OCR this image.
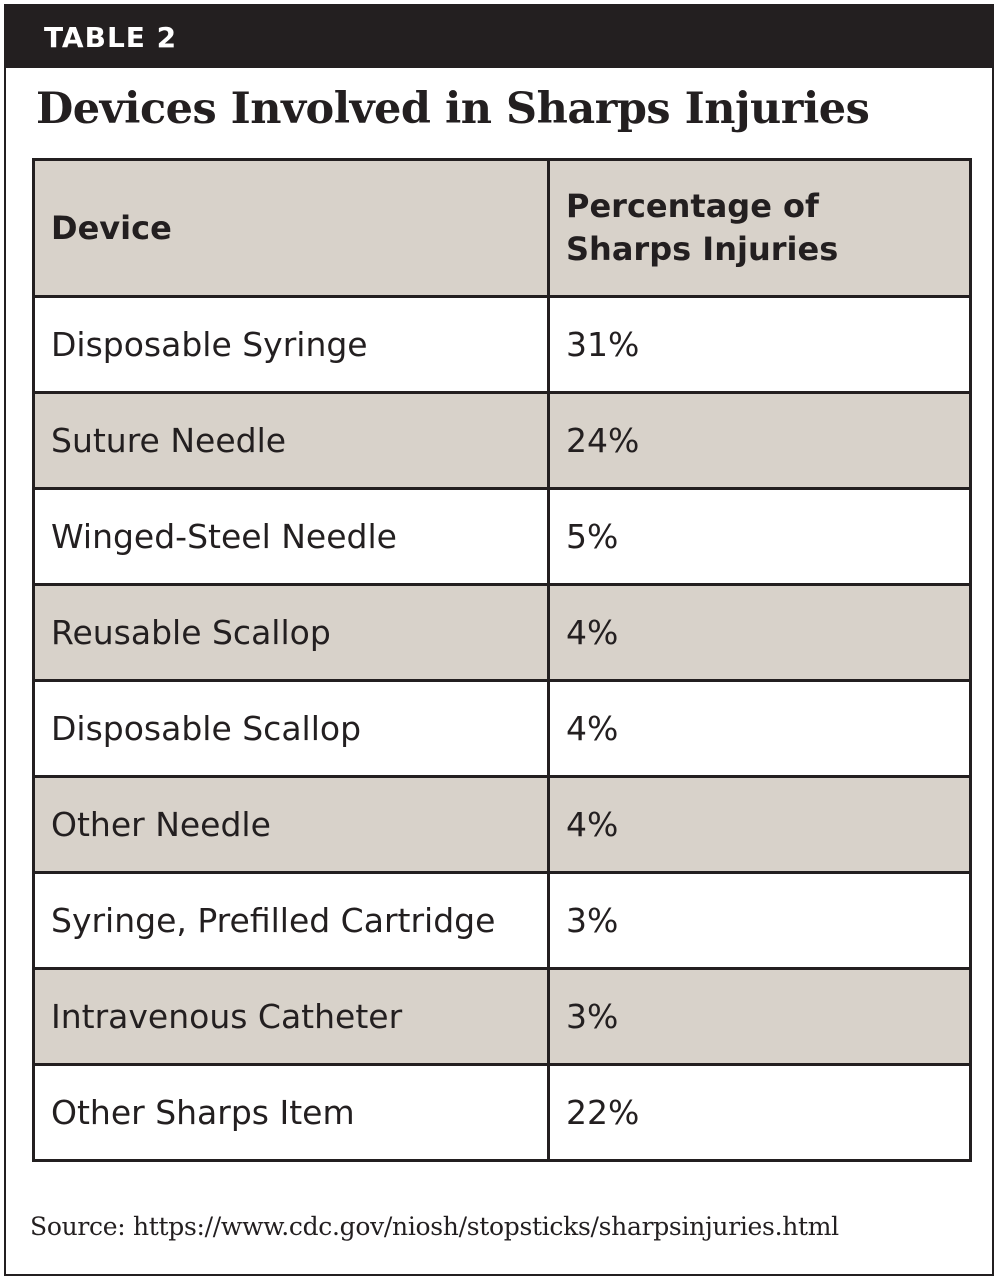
TABLE 2
Devices Involved in Sharps Injuries
Device	Percentage of
Sharps Injuries
Disposable Syringe	31%
Suture Needle	24%
Winged-Steel Needle	5%
Reusable Scallop	4%
Disposable Scallop	4%
Other Needle	4%
Syringe, Prefilled Cartridge	3%
Intravenous Catheter	3%
Other Sharps Item	22%
Source: https://www.cdc.gov/niosh/stopsticks/sharpsinjuries.html
